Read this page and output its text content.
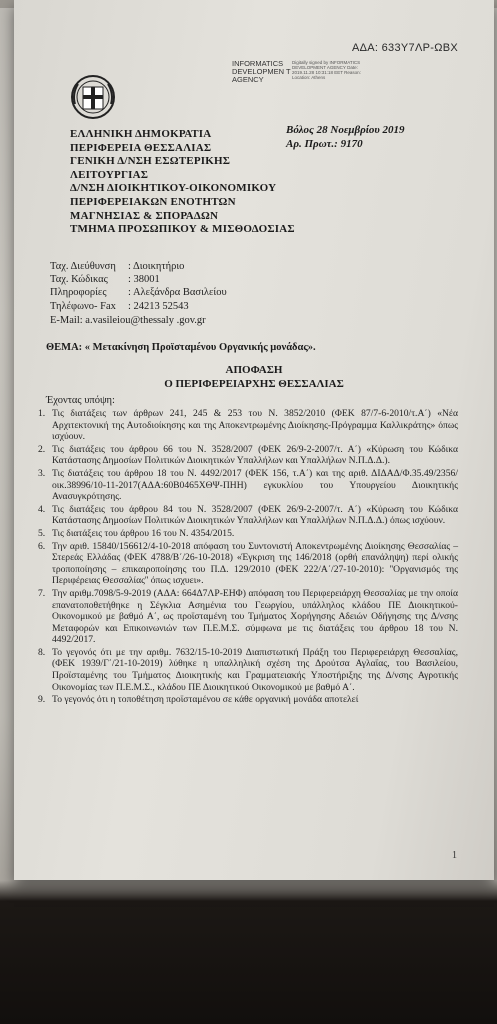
ΑΔΑ: 633Υ7ΛΡ-ΩΒΧ
INFORMATICS DEVELOPMEN T AGENCY
Digitally signed by INFORMATICS DEVELOPMENT AGENCY Date: 2019.11.28 10:31:18 EET Reason: Location: Athens
ΕΛΛΗΝΙΚΗ ΔΗΜΟΚΡΑΤΙΑ
ΠΕΡΙΦΕΡΕΙΑ ΘΕΣΣΑΛΙΑΣ
ΓΕΝΙΚΗ Δ/ΝΣΗ ΕΣΩΤΕΡΙΚΗΣ
ΛΕΙΤΟΥΡΓΙΑΣ
Δ/ΝΣΗ ΔΙΟΙΚΗΤΙΚΟΥ-ΟΙΚΟΝΟΜΙΚΟΥ
ΠΕΡΙΦΕΡΕΙΑΚΩΝ ΕΝΟΤΗΤΩΝ
ΜΑΓΝΗΣΙΑΣ & ΣΠΟΡΑΔΩΝ
ΤΜΗΜΑ ΠΡΟΣΩΠΙΚΟΥ & ΜΙΣΘΟΔΟΣΙΑΣ
Βόλος 28 Νοεμβρίου 2019
Αρ. Πρωτ.: 9170
Ταχ. Διεύθυνση	: Διοικητήριο
Ταχ. Κώδικας	: 38001
Πληροφορίες	: Αλεξάνδρα Βασιλείου
Τηλέφωνο- Fax	: 24213 52543
E-Mail: a.vasileiou@thessaly .gov.gr
ΘΕΜΑ: « Μετακίνηση Προϊσταμένου Οργανικής μονάδας».
ΑΠΟΦΑΣΗ
Ο ΠΕΡΙΦΕΡΕΙΑΡΧΗΣ ΘΕΣΣΑΛΙΑΣ
Έχοντας υπόψη:
1. Τις διατάξεις των άρθρων 241, 245 & 253 του Ν. 3852/2010 (ΦΕΚ 87/7-6-2010/τ.Α΄) «Νέα Αρχιτεκτονική της Αυτοδιοίκησης και της Αποκεντρωμένης Διοίκησης-Πρόγραμμα Καλλικράτης» όπως ισχύουν.
2. Τις διατάξεις του άρθρου 66 του Ν. 3528/2007 (ΦΕΚ 26/9-2-2007/τ. Α΄) «Κύρωση του Κώδικα Κατάστασης Δημοσίων Πολιτικών Διοικητικών Υπαλλήλων και Υπαλλήλων Ν.Π.Δ.Δ.).
3. Τις διατάξεις του άρθρου 18 του Ν. 4492/2017 (ΦΕΚ 156, τ.Α΄) και της αριθ. ΔΙΔΑΔ/Φ.35.49/2356/οικ.38996/10-11-2017(ΑΔΑ:60Β0465ΧΘΨ-ΠΗΗ) εγκυκλίου του Υπουργείου Διοικητικής Ανασυγκρότησης.
4. Τις διατάξεις του άρθρου 84 του Ν. 3528/2007 (ΦΕΚ 26/9-2-2007/τ. Α΄) «Κύρωση του Κώδικα Κατάστασης Δημοσίων Πολιτικών Διοικητικών Υπαλλήλων και Υπαλλήλων Ν.Π.Δ.Δ.) όπως ισχύουν.
5. Τις διατάξεις του άρθρου 16 του Ν. 4354/2015.
6. Την αριθ. 15840/156612/4-10-2018 απόφαση του Συντονιστή Αποκεντρωμένης Διοίκησης Θεσσαλίας – Στερεάς Ελλάδας (ΦΕΚ 4788/Β΄/26-10-2018) «Έγκριση της 146/2018 (ορθή επανάληψη) περί ολικής τροποποίησης – επικαιροποίησης του Π.Δ. 129/2010 (ΦΕΚ 222/Α΄/27-10-2010): ''Οργανισμός της Περιφέρειας Θεσσαλίας'' όπως ισχυει».
7. Την αριθμ.7098/5-9-2019 (ΑΔΑ: 664Δ7ΛΡ-ΕΗΦ) απόφαση του Περιφερειάρχη Θεσσαλίας με την οποία επανατοποθετήθηκε η Σέγκλια Ασημένια του Γεωργίου, υπάλληλος κλάδου ΠΕ Διοικητικού-Οικονομικού με βαθμό Α΄, ως προϊσταμένη του Τμήματος Χορήγησης Αδειών Οδήγησης της Δ/νσης Μεταφορών και Επικοινωνιών των Π.Ε.Μ.Σ. σύμφωνα με τις διατάξεις του άρθρου 18 του Ν. 4492/2017.
8. Το γεγονός ότι με την αριθμ. 7632/15-10-2019 Διαπιστωτική Πράξη του Περιφερειάρχη Θεσσαλίας, (ΦΕΚ 1939/Γ΄/21-10-2019) λύθηκε η υπαλληλική σχέση της Δρούτσα Αγλαΐας, του Βασιλείου, Προϊσταμένης του Τμήματος Διοικητικής και Γραμματειακής Υποστήριξης της Δ/νσης Αγροτικής Οικονομίας των Π.Ε.Μ.Σ., κλάδου ΠΕ Διοικητικού Οικονομικού με βαθμό Α΄.
9. Το γεγονός ότι η τοποθέτηση προϊσταμένου σε κάθε οργανική μονάδα αποτελεί
1
